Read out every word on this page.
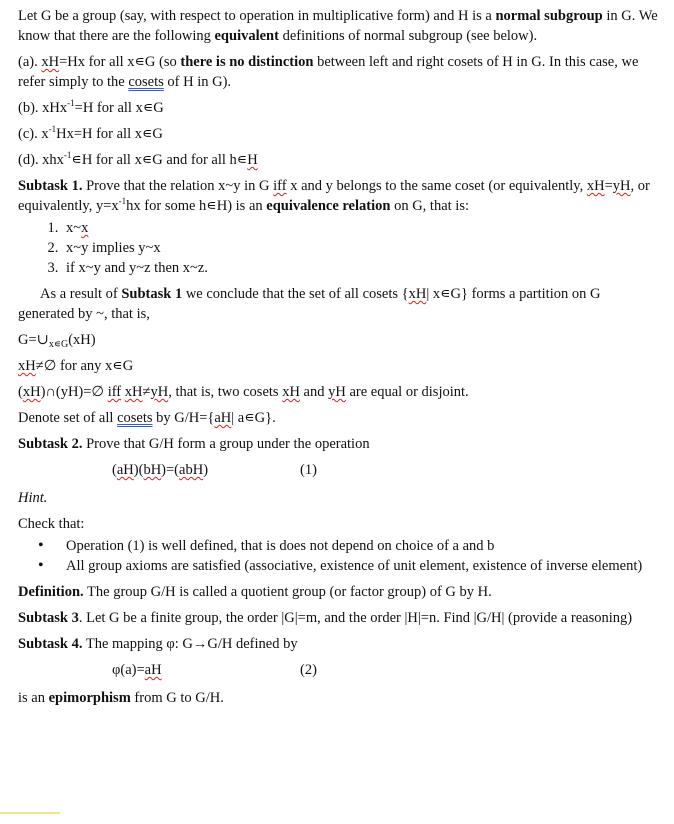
Let G be a group (say, with respect to operation in multiplicative form) and H is a normal subgroup in G. We know that there are the following equivalent definitions of normal subgroup (see below).

(a). xH=Hx for all x∊G (so there is no distinction between left and right cosets of H in G. In this case, we refer simply to the cosets of H in G).

(b). xHx$^{-1}$=H for all x∊G

(c). $x^{-1}Hx=H$ for all x∊G

(d). xhx$^{-1}$∊H for all x∊G and for all h∊H

Subtask 1. Prove that the relation x~y in G iff x and y belongs to the same coset (or equivalently, xH=yH, or equivalently, $y=x^{-1}hx$ for some h∊H) is an equivalence relation on G, that is:

1. x~x
2. x~y implies y~x
3. if x~y and y~z then x~z.

As a result of Subtask 1 we conclude that the set of all cosets {xH| x∊G} forms a partition on G generated by ~, that is,

$G=\cup_{x∊G}(xH)$

xH≠∅ for any x∊G

(xH)∩(yH)=∅ iff xH≠yH, that is, two cosets xH and yH are equal or disjoint.

Denote set of all cosets by G/H={aH| a∊G}.

Subtask 2. Prove that G/H form a group under the operation

(aH)(bH)=(abH)	(1)

Hint.

Check that:

• Operation (1) is well defined, that is does not depend on choice of a and b
• All group axioms are satisfied (associative, existence of unit element, existence of inverse element)

Definition. The group G/H is called a quotient group (or factor group) of G by H.

Subtask 3. Let G be a finite group, the order |G|=m, and the order |H|=n. Find |G/H| (provide a reasoning)

Subtask 4. The mapping φ: G→G/H defined by

φ(a)=aH	(2)

is an epimorphism from G to G/H.
